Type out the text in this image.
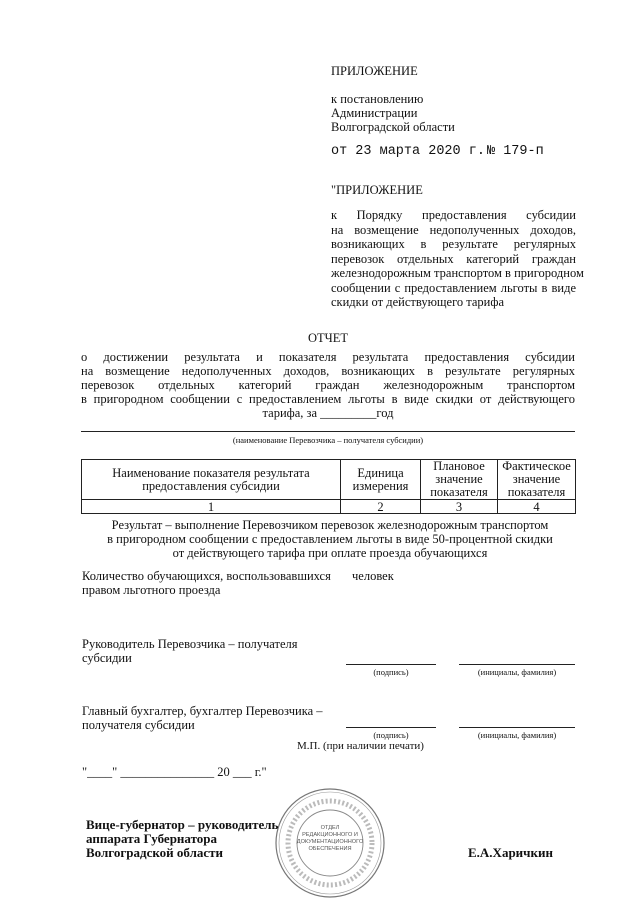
ПРИЛОЖЕНИЕ
к постановлению
Администрации
Волгоградской области
от 23 марта 2020 г. № 179-п
"ПРИЛОЖЕНИЕ
к Порядку предоставления субсидии
на возмещение недополученных доходов,
возникающих в результате регулярных
перевозок отдельных категорий граждан
железнодорожным транспортом в пригородном
сообщении с предоставлением льготы в виде
скидки от действующего тарифа
ОТЧЕТ
о достижении результата и показателя результата предоставления субсидии
на возмещение недополученных доходов, возникающих в результате регулярных
перевозок отдельных категорий граждан железнодорожным транспортом
в пригородном сообщении с предоставлением льготы в виде скидки от действующего
тарифа, за _________год
(наименование Перевозчика – получателя субсидии)
Наименование показателя результата предоставления субсидии	Единица измерения	Плановое значение показателя	Фактическое значение показателя
1	2	3	4
Результат – выполнение Перевозчиком перевозок железнодорожным транспортом
в пригородном сообщении с предоставлением льготы в виде 50-процентной скидки
от действующего тарифа при оплате проезда обучающихся
Количество обучающихся, воспользовавшихся
правом льготного проезда
человек
Руководитель Перевозчика – получателя
субсидии
(подпись)	(инициалы, фамилия)
Главный бухгалтер, бухгалтер Перевозчика –
получателя субсидии
(подпись)	(инициалы, фамилия)
М.П. (при наличии печати)
"____" _______________ 20 ___ г."
ОТДЕЛ РЕДАКЦИОННОГО И ДОКУМЕНТАЦИОННОГО ОБЕСПЕЧЕНИЯ
Вице-губернатор – руководитель
аппарата Губернатора
Волгоградской области	Е.А.Харичкин
